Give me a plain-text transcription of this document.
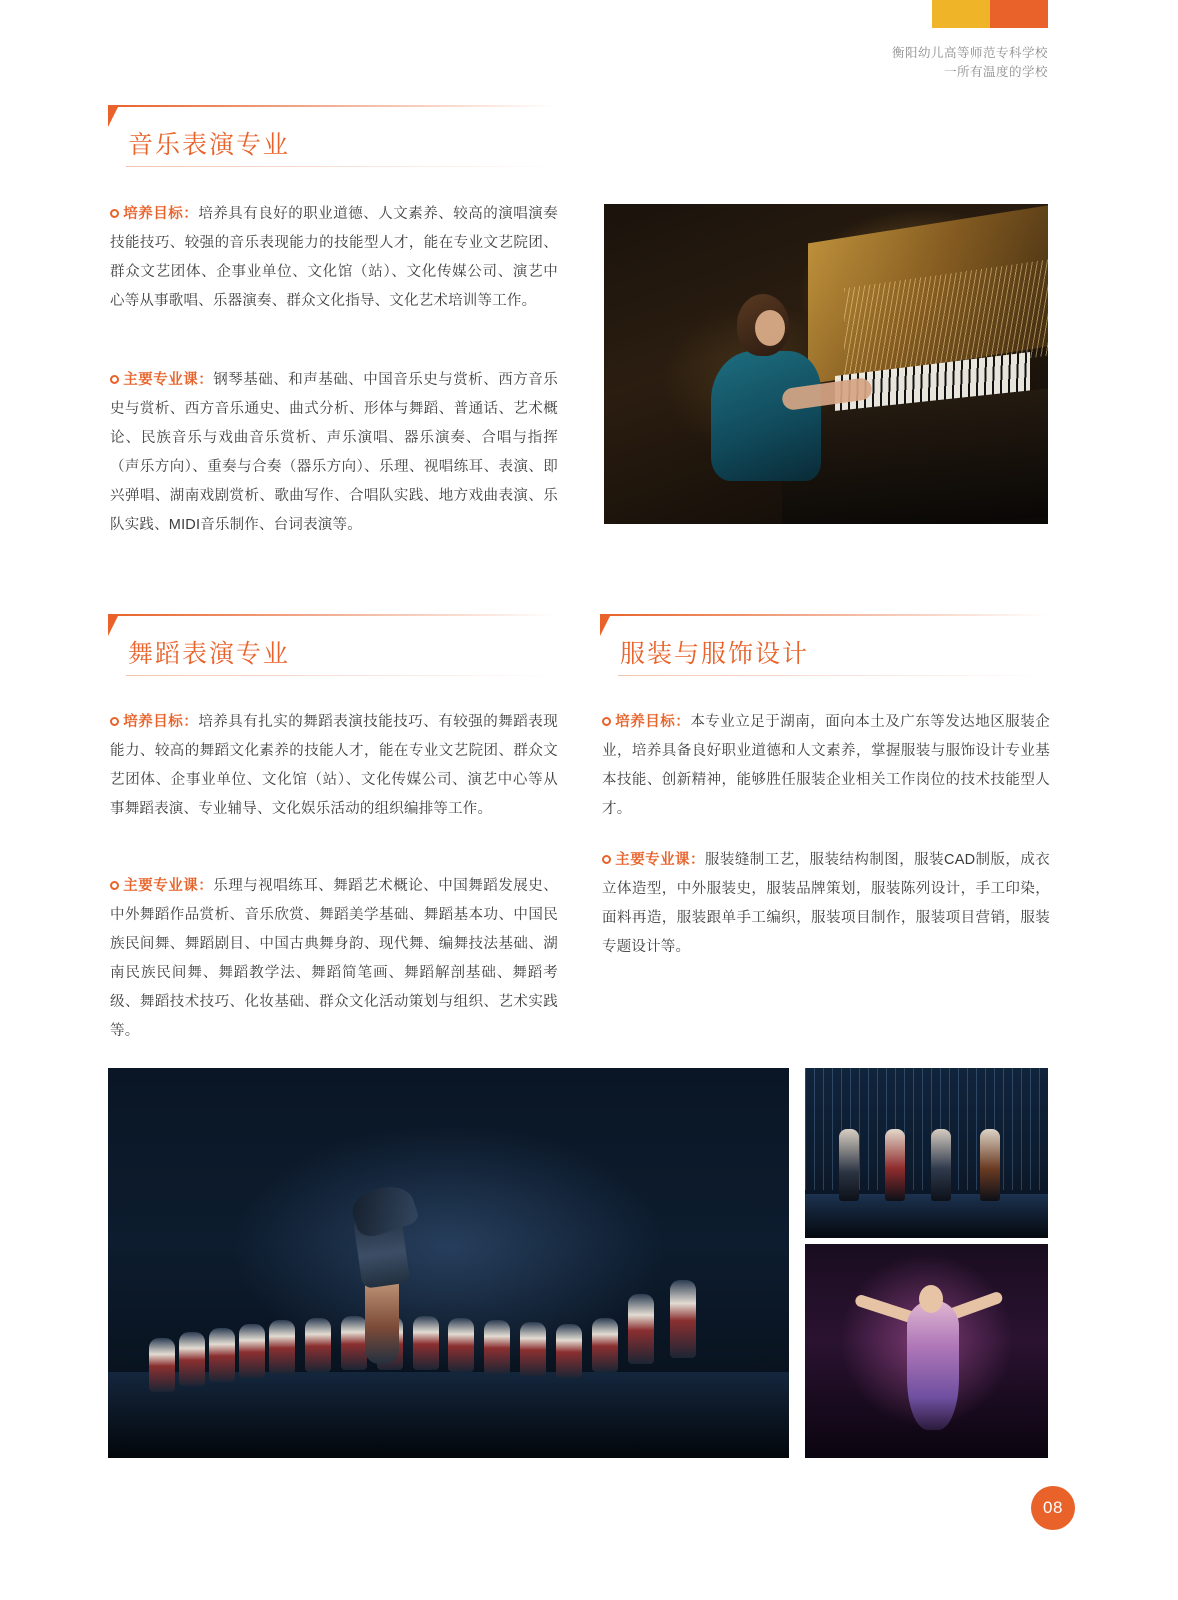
衡阳幼儿高等师范专科学校
一所有温度的学校
音乐表演专业
培养目标：培养具有良好的职业道德、人文素养、较高的演唱演奏技能技巧、较强的音乐表现能力的技能型人才，能在专业文艺院团、群众文艺团体、企事业单位、文化馆（站）、文化传媒公司、演艺中心等从事歌唱、乐器演奏、群众文化指导、文化艺术培训等工作。
主要专业课：钢琴基础、和声基础、中国音乐史与赏析、西方音乐史与赏析、西方音乐通史、曲式分析、形体与舞蹈、普通话、艺术概论、民族音乐与戏曲音乐赏析、声乐演唱、器乐演奏、合唱与指挥（声乐方向）、重奏与合奏（器乐方向）、乐理、视唱练耳、表演、即兴弹唱、湖南戏剧赏析、歌曲写作、合唱队实践、地方戏曲表演、乐队实践、MIDI音乐制作、台词表演等。
舞蹈表演专业
培养目标：培养具有扎实的舞蹈表演技能技巧、有较强的舞蹈表现能力、较高的舞蹈文化素养的技能人才，能在专业文艺院团、群众文艺团体、企事业单位、文化馆（站）、文化传媒公司、演艺中心等从事舞蹈表演、专业辅导、文化娱乐活动的组织编排等工作。
主要专业课：乐理与视唱练耳、舞蹈艺术概论、中国舞蹈发展史、中外舞蹈作品赏析、音乐欣赏、舞蹈美学基础、舞蹈基本功、中国民族民间舞、舞蹈剧目、中国古典舞身韵、现代舞、编舞技法基础、湖南民族民间舞、舞蹈教学法、舞蹈简笔画、舞蹈解剖基础、舞蹈考级、舞蹈技术技巧、化妆基础、群众文化活动策划与组织、艺术实践等。
服装与服饰设计
培养目标：本专业立足于湖南，面向本土及广东等发达地区服装企业，培养具备良好职业道德和人文素养，掌握服装与服饰设计专业基本技能、创新精神，能够胜任服装企业相关工作岗位的技术技能型人才。
主要专业课：服装缝制工艺，服装结构制图，服装CAD制版，成衣立体造型，中外服装史，服装品牌策划，服装陈列设计，手工印染，面料再造，服装跟单手工编织，服装项目制作，服装项目营销，服装专题设计等。
08
